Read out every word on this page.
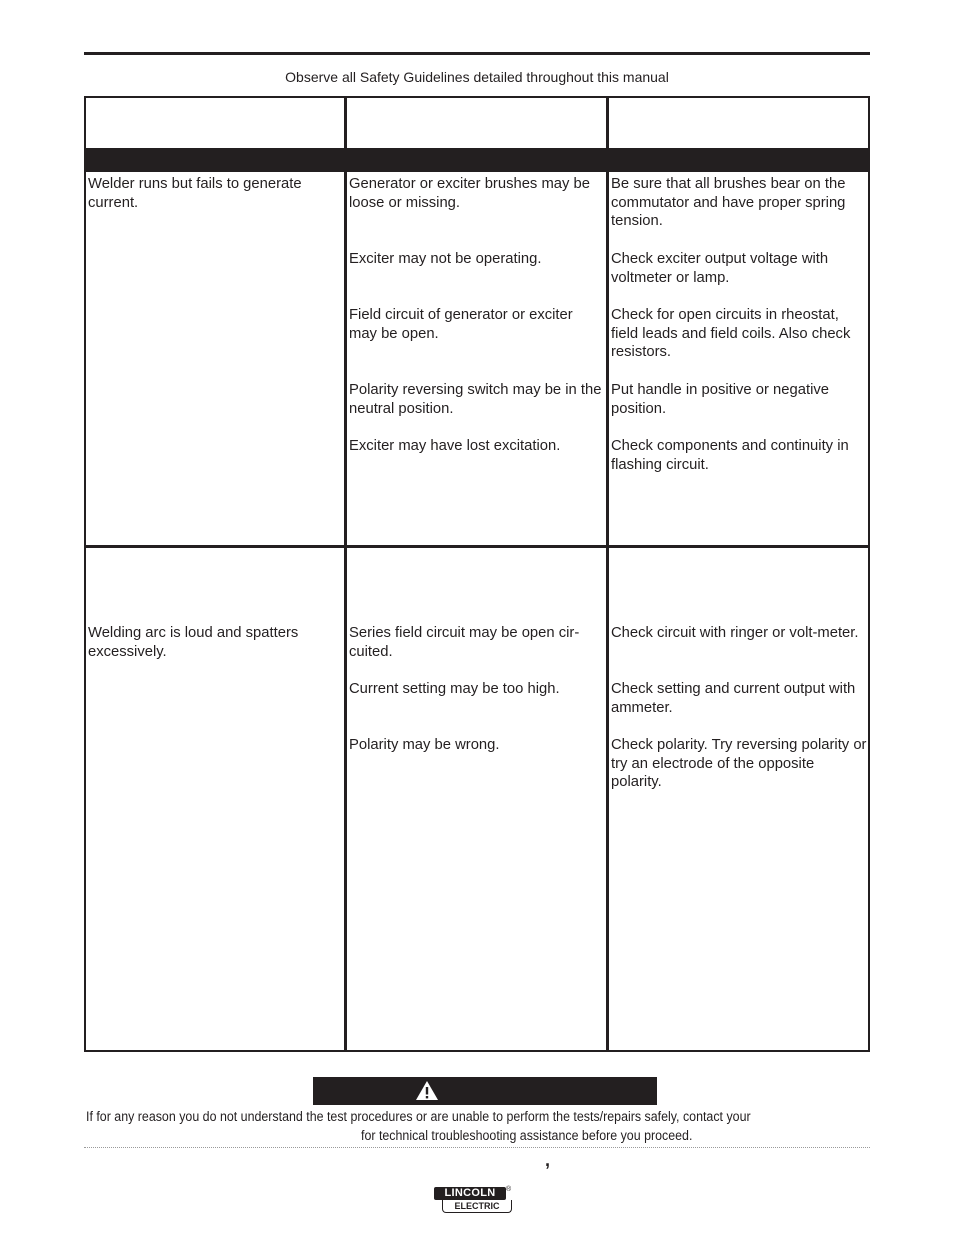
Observe all Safety Guidelines detailed throughout this manual
Welder runs but fails to generate current.
Generator or exciter brushes may be loose or missing.
Exciter may not be operating.
Field circuit of generator or exciter may be open.
Polarity reversing switch may be in the neutral position.
Exciter may have lost excitation.
Be sure that all brushes bear on the commutator and have proper spring tension.
Check exciter output voltage with voltmeter or lamp.
Check for open circuits in rheostat, field leads and field coils. Also check resistors.
Put handle in positive or negative position.
Check components and continuity in flashing circuit.
Welding arc is loud and spatters excessively.
Series field circuit may be open cir-cuited.
Current setting may be too high.
Polarity may be wrong.
Check circuit with ringer or volt-meter.
Check setting and current output with ammeter.
Check polarity. Try reversing polarity or try an electrode of the opposite polarity.
If for any reason you do not understand the test procedures or are unable to perform the tests/repairs safely, contact your
for technical troubleshooting assistance before you proceed.
,
LINCOLN	®
ELECTRIC
